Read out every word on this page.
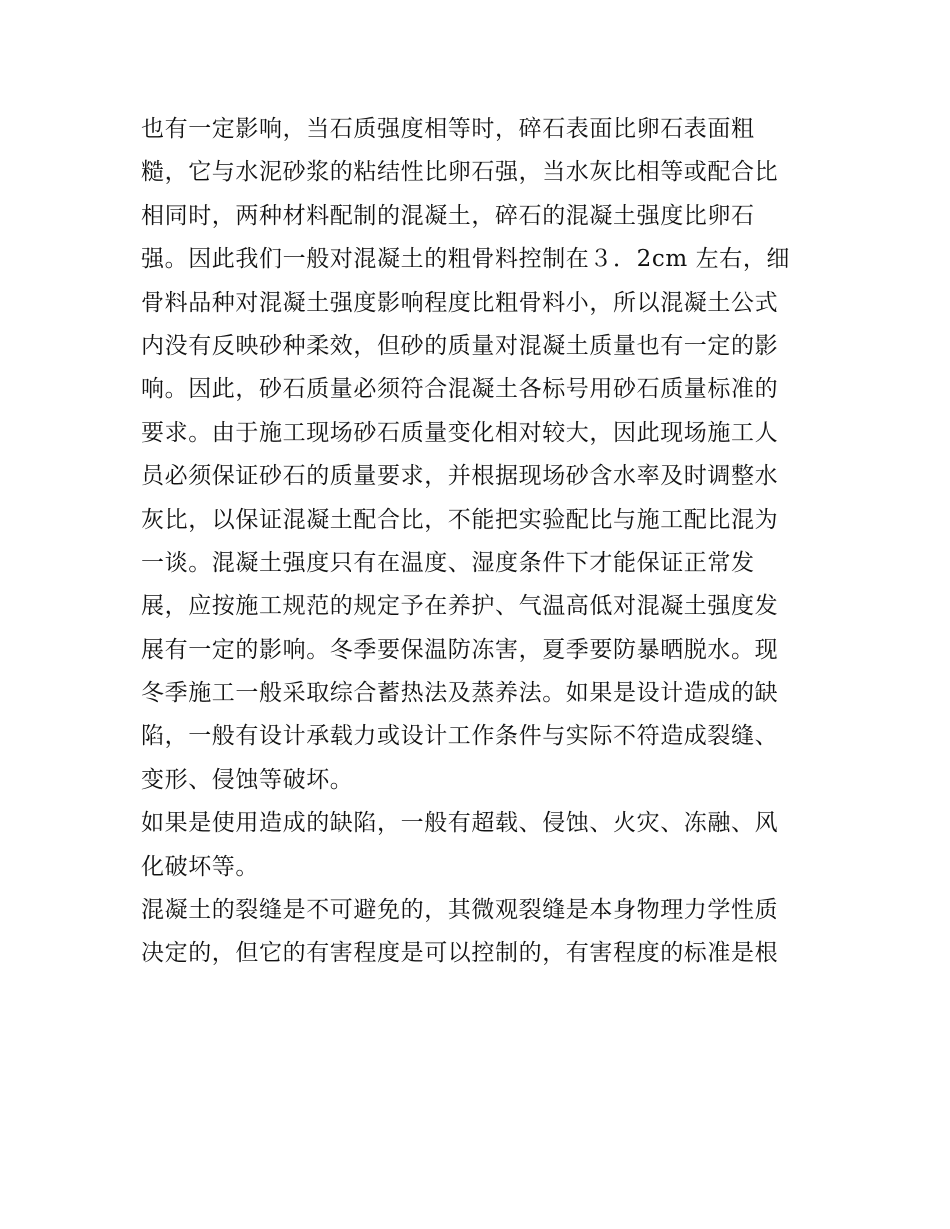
也有一定影响，当石质强度相等时，碎石表面比卵石表面粗
糙，它与水泥砂浆的粘结性比卵石强，当水灰比相等或配合比
相同时，两种材料配制的混凝土，碎石的混凝土强度比卵石
强。因此我们一般对混凝土的粗骨料控制在３．2cm 左右，细
骨料品种对混凝土强度影响程度比粗骨料小，所以混凝土公式
内没有反映砂种柔效，但砂的质量对混凝土质量也有一定的影
响。因此，砂石质量必须符合混凝土各标号用砂石质量标准的
要求。由于施工现场砂石质量变化相对较大，因此现场施工人
员必须保证砂石的质量要求，并根据现场砂含水率及时调整水
灰比，以保证混凝土配合比，不能把实验配比与施工配比混为
一谈。混凝土强度只有在温度、湿度条件下才能保证正常发
展，应按施工规范的规定予在养护、气温高低对混凝土强度发
展有一定的影响。冬季要保温防冻害，夏季要防暴晒脱水。现
冬季施工一般采取综合蓄热法及蒸养法。如果是设计造成的缺
陷，一般有设计承载力或设计工作条件与实际不符造成裂缝、
变形、侵蚀等破坏。
如果是使用造成的缺陷，一般有超载、侵蚀、火灾、冻融、风
化破坏等。
混凝土的裂缝是不可避免的，其微观裂缝是本身物理力学性质
决定的，但它的有害程度是可以控制的，有害程度的标准是根
